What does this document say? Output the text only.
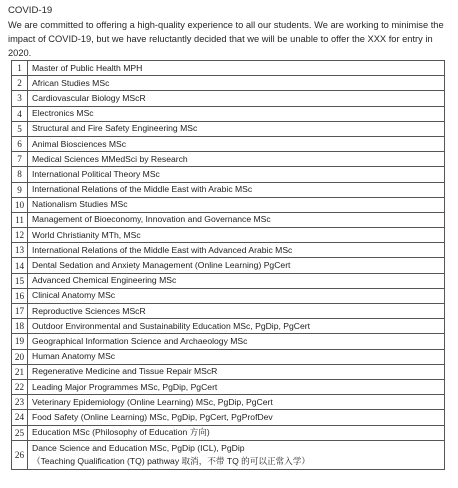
COVID-19
We are committed to offering a high-quality experience to all our students. We are working to minimise the impact of COVID-19, but we have reluctantly decided that we will be unable to offer the XXX for entry in 2020.
1	Master of Public Health MPH

2	African Studies MSc

3	Cardiovascular Biology MScR

4	Electronics MSc

5	Structural and Fire Safety Engineering MSc

6	Animal Biosciences MSc

7	Medical Sciences MMedSci by Research

8	International Political Theory MSc

9	International Relations of the Middle East with Arabic MSc

10	Nationalism Studies MSc

11	Management of Bioeconomy, Innovation and Governance MSc

12	World Christianity MTh, MSc

13	International Relations of the Middle East with Advanced Arabic MSc

14	Dental Sedation and Anxiety Management (Online Learning) PgCert

15	Advanced Chemical Engineering MSc

16	Clinical Anatomy MSc

17	Reproductive Sciences MScR

18	Outdoor Environmental and Sustainability Education MSc, PgDip, PgCert

19	Geographical Information Science and Archaeology MSc

20	Human Anatomy MSc

21	Regenerative Medicine and Tissue Repair MScR

22	Leading Major Programmes MSc, PgDip, PgCert

23	Veterinary Epidemiology (Online Learning) MSc, PgDip, PgCert

24	Food Safety (Online Learning) MSc, PgDip, PgCert, PgProfDev

25	Education MSc (Philosophy of Education 方向)

26	Dance Science and Education MSc, PgDip (ICL), PgDip
（Teaching Qualification (TQ) pathway 取消，不带 TQ 的可以正常入学）
